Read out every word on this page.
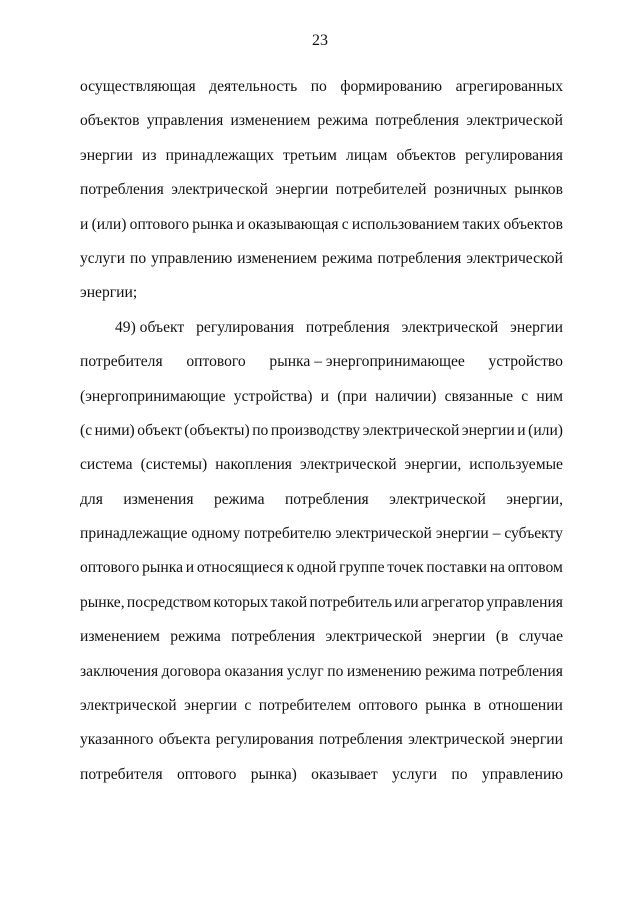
23
осуществляющая деятельность по формированию агрегированных
объектов управления изменением режима потребления электрической
энергии из принадлежащих третьим лицам объектов регулирования
потребления электрической энергии потребителей розничных рынков
и (или) оптового рынка и оказывающая с использованием таких объектов
услуги по управлению изменением режима потребления электрической
энергии;
49) объект регулирования потребления электрической энергии
потребителя оптового рынка – энергопринимающее устройство
(энергопринимающие устройства) и (при наличии) связанные с ним
(с ними) объект (объекты) по производству электрической энергии и (или)
система (системы) накопления электрической энергии, используемые
для изменения режима потребления электрической энергии,
принадлежащие одному потребителю электрической энергии – субъекту
оптового рынка и относящиеся к одной группе точек поставки на оптовом
рынке, посредством которых такой потребитель или агрегатор управления
изменением режима потребления электрической энергии (в случае
заключения договора оказания услуг по изменению режима потребления
электрической энергии с потребителем оптового рынка в отношении
указанного объекта регулирования потребления электрической энергии
потребителя оптового рынка) оказывает услуги по управлению
